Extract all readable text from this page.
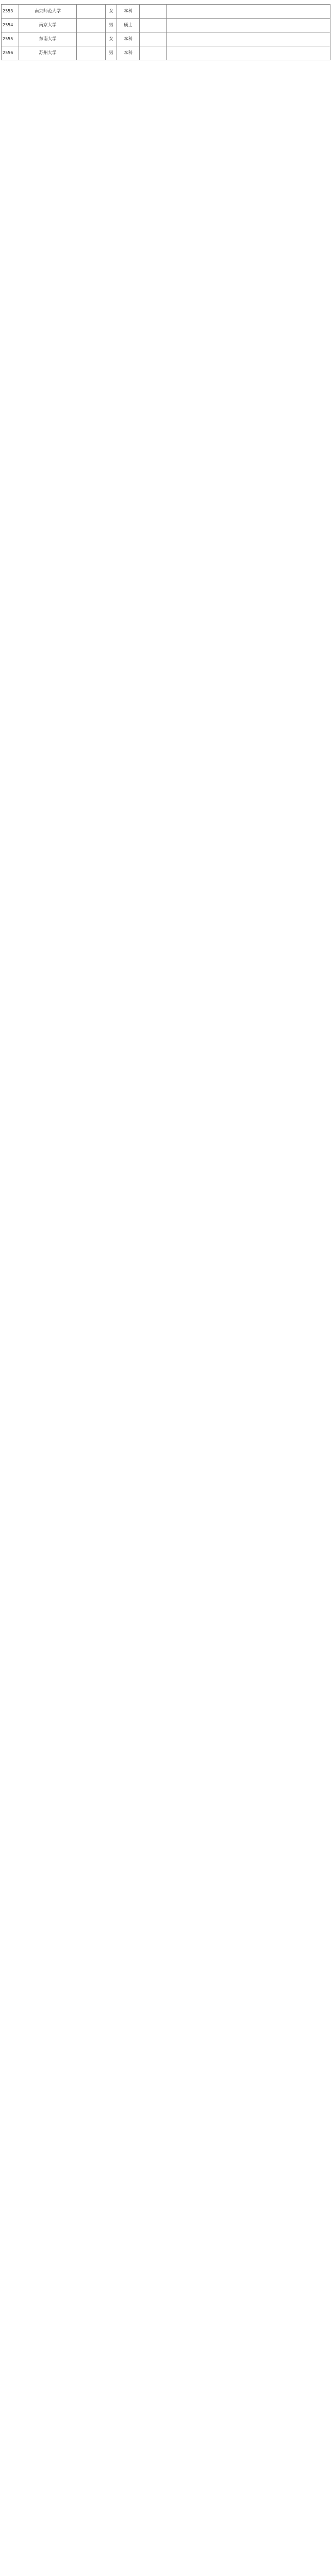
2553	南京师范大学		女	本科		
2554	南京大学		男	硕士		
2555	东南大学		女	本科		
2556	苏州大学		男	本科		
